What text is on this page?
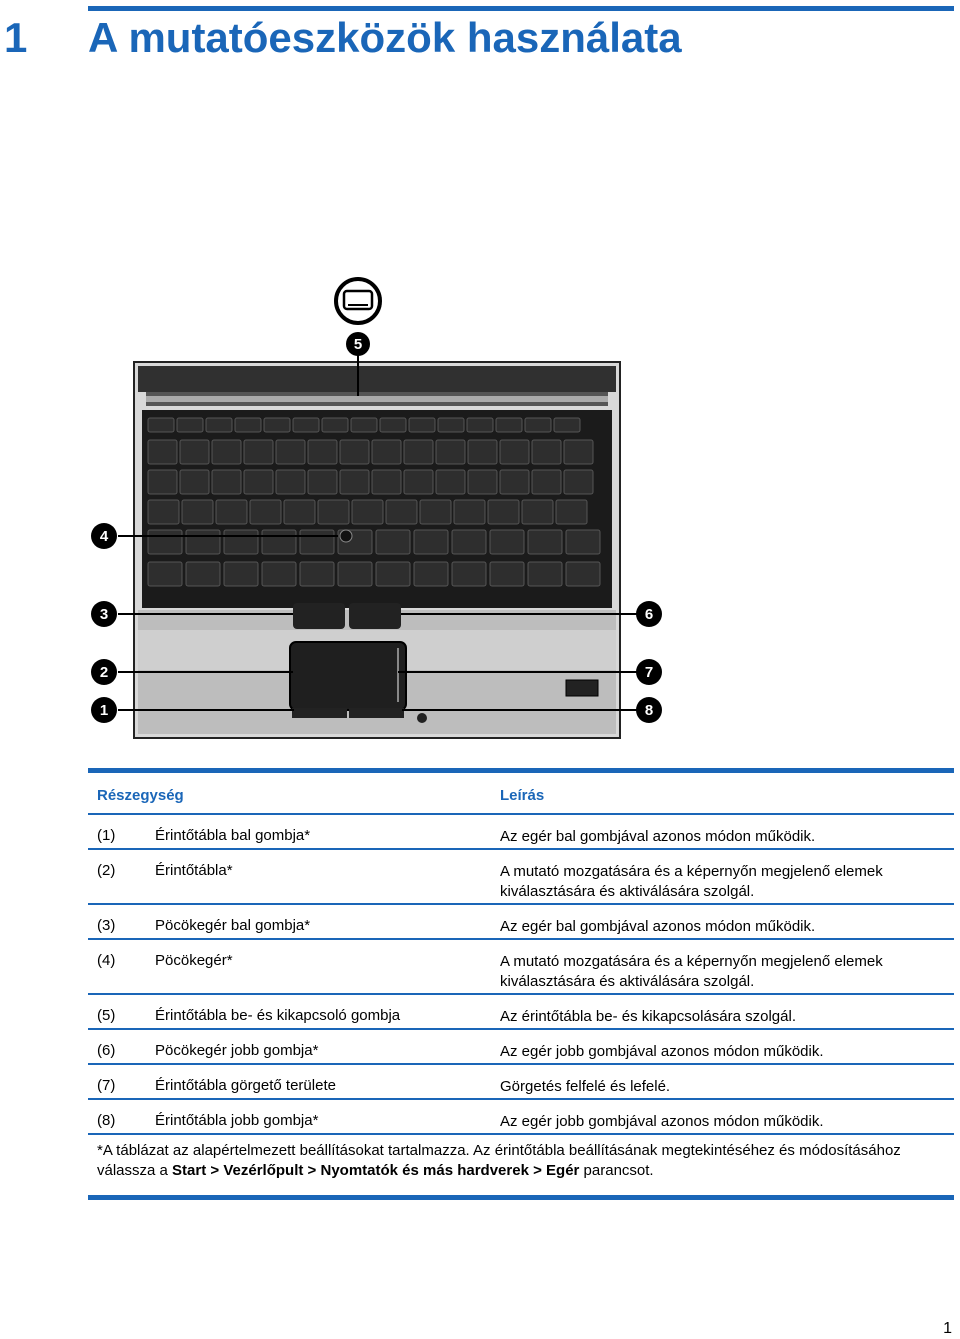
1 A mutatóeszközök használata
5
4
3
2
1
6
7
8
Részegység	Leírás
(1)	Érintőtábla bal gombja*	Az egér bal gombjával azonos módon működik.
(2)	Érintőtábla*	A mutató mozgatására és a képernyőn megjelenő elemek kiválasztására és aktiválására szolgál.
(3)	Pöcökegér bal gombja*	Az egér bal gombjával azonos módon működik.
(4)	Pöcökegér*	A mutató mozgatására és a képernyőn megjelenő elemek kiválasztására és aktiválására szolgál.
(5)	Érintőtábla be- és kikapcsoló gombja	Az érintőtábla be- és kikapcsolására szolgál.
(6)	Pöcökegér jobb gombja*	Az egér jobb gombjával azonos módon működik.
(7)	Érintőtábla görgető területe	Görgetés felfelé és lefelé.
(8)	Érintőtábla jobb gombja*	Az egér jobb gombjával azonos módon működik.
*A táblázat az alapértelmezett beállításokat tartalmazza. Az érintőtábla beállításának megtekintéséhez és módosításához válassza a Start > Vezérlőpult > Nyomtatók és más hardverek > Egér parancsot.
1
